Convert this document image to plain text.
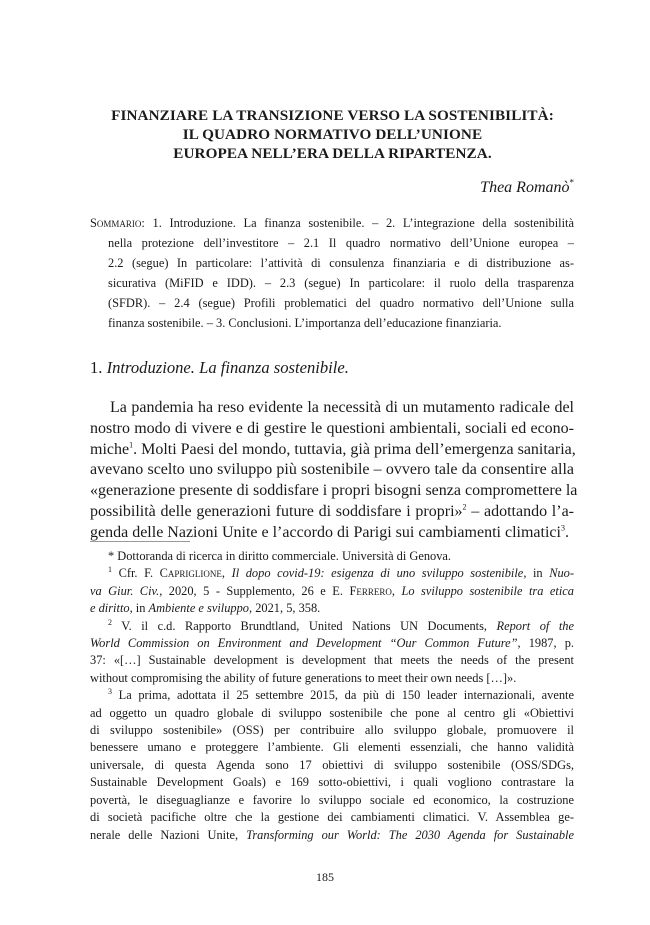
FINANZIARE LA TRANSIZIONE VERSO LA SOSTENIBILITÀ:
IL QUADRO NORMATIVO DELL’UNIONE
EUROPEA NELL’ERA DELLA RIPARTENZA.
Thea Romanò*
Sommario: 1. Introduzione. La finanza sostenibile. – 2. L’integrazione della sostenibilità
nella protezione dell’investitore – 2.1 Il quadro normativo dell’Unione europea –
2.2 (segue) In particolare: l’attività di consulenza finanziaria e di distribuzione as-
sicurativa (MiFID e IDD). – 2.3 (segue) In particolare: il ruolo della trasparenza
(SFDR). – 2.4 (segue) Profili problematici del quadro normativo dell’Unione sulla
finanza sostenibile. – 3. Conclusioni. L’importanza dell’educazione finanziaria.
1. Introduzione. La finanza sostenibile.
La pandemia ha reso evidente la necessità di un mutamento radicale del
nostro modo di vivere e di gestire le questioni ambientali, sociali ed econo-
miche$^1$. Molti Paesi del mondo, tuttavia, già prima dell’emergenza sanitaria,
avevano scelto uno sviluppo più sostenibile – ovvero tale da consentire alla
«generazione presente di soddisfare i propri bisogni senza compromettere la
possibilità delle generazioni future di soddisfare i propri»$^2$ – adottando l’a-
genda delle Nazioni Unite e l’accordo di Parigi sui cambiamenti climatici$^3$.
* Dottoranda di ricerca in diritto commerciale. Università di Genova.
$^1$ Cfr. F. Capriglione, Il dopo covid-19: esigenza di uno sviluppo sostenibile, in Nuo-
va Giur. Civ., 2020, 5 - Supplemento, 26 e E. Ferrero, Lo sviluppo sostenibile tra etica
e diritto, in Ambiente e sviluppo, 2021, 5, 358.
$^2$ V. il c.d. Rapporto Brundtland, United Nations UN Documents, Report of the
World Commission on Environment and Development “Our Common Future”, 1987, p.
37: «[…] Sustainable development is development that meets the needs of the present
without compromising the ability of future generations to meet their own needs […]».
$^3$ La prima, adottata il 25 settembre 2015, da più di 150 leader internazionali, avente
ad oggetto un quadro globale di sviluppo sostenibile che pone al centro gli «Obiettivi
di sviluppo sostenibile» (OSS) per contribuire allo sviluppo globale, promuovere il
benessere umano e proteggere l’ambiente. Gli elementi essenziali, che hanno validità
universale, di questa Agenda sono 17 obiettivi di sviluppo sostenibile (OSS/SDGs,
Sustainable Development Goals) e 169 sotto-obiettivi, i quali vogliono contrastare la
povertà, le diseguaglianze e favorire lo sviluppo sociale ed economico, la costruzione
di società pacifiche oltre che la gestione dei cambiamenti climatici. V. Assemblea ge-
nerale delle Nazioni Unite, Transforming our World: The 2030 Agenda for Sustainable
185
